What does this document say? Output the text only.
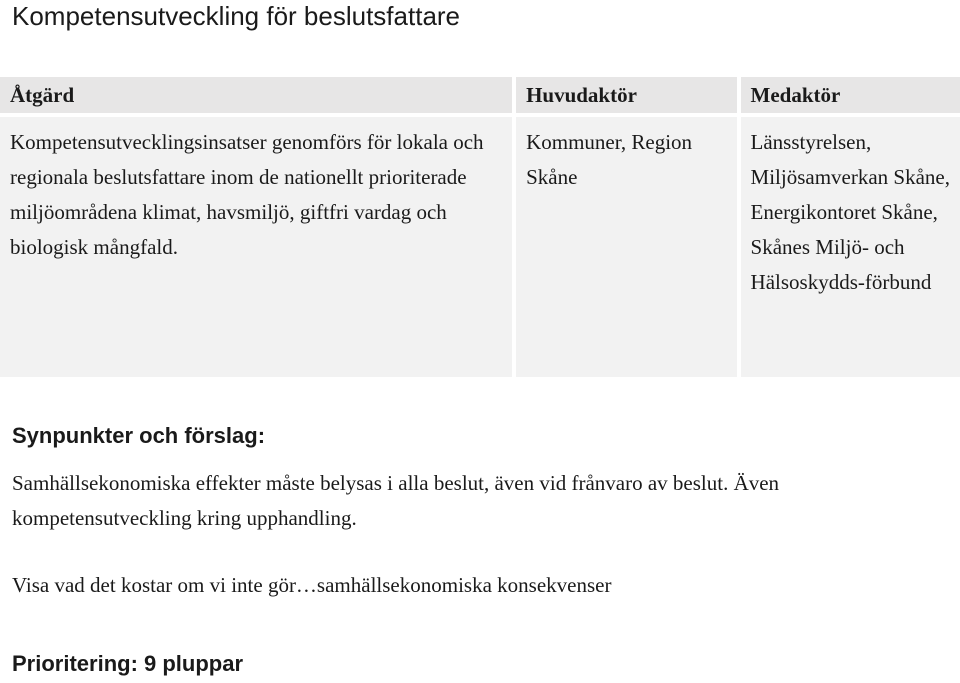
Kompetensutveckling för beslutsfattare
Åtgärd	Huvudaktör	Medaktör

Kompetensutvecklingsinsatser genomförs för lokala och regionala beslutsfattare inom de nationellt prioriterade miljöområdena klimat, havsmiljö, giftfri vardag och biologisk mångfald.	Kommuner, Region Skåne	Länsstyrelsen, Miljösamverkan Skåne, Energikontoret Skåne, Skånes Miljö- och Hälsoskydds-förbund
Synpunkter och förslag:

Samhällsekonomiska effekter måste belysas i alla beslut, även vid frånvaro av beslut. Även kompetensutveckling kring upphandling.

Visa vad det kostar om vi inte gör…samhällsekonomiska konsekvenser

Prioritering: 9 pluppar
